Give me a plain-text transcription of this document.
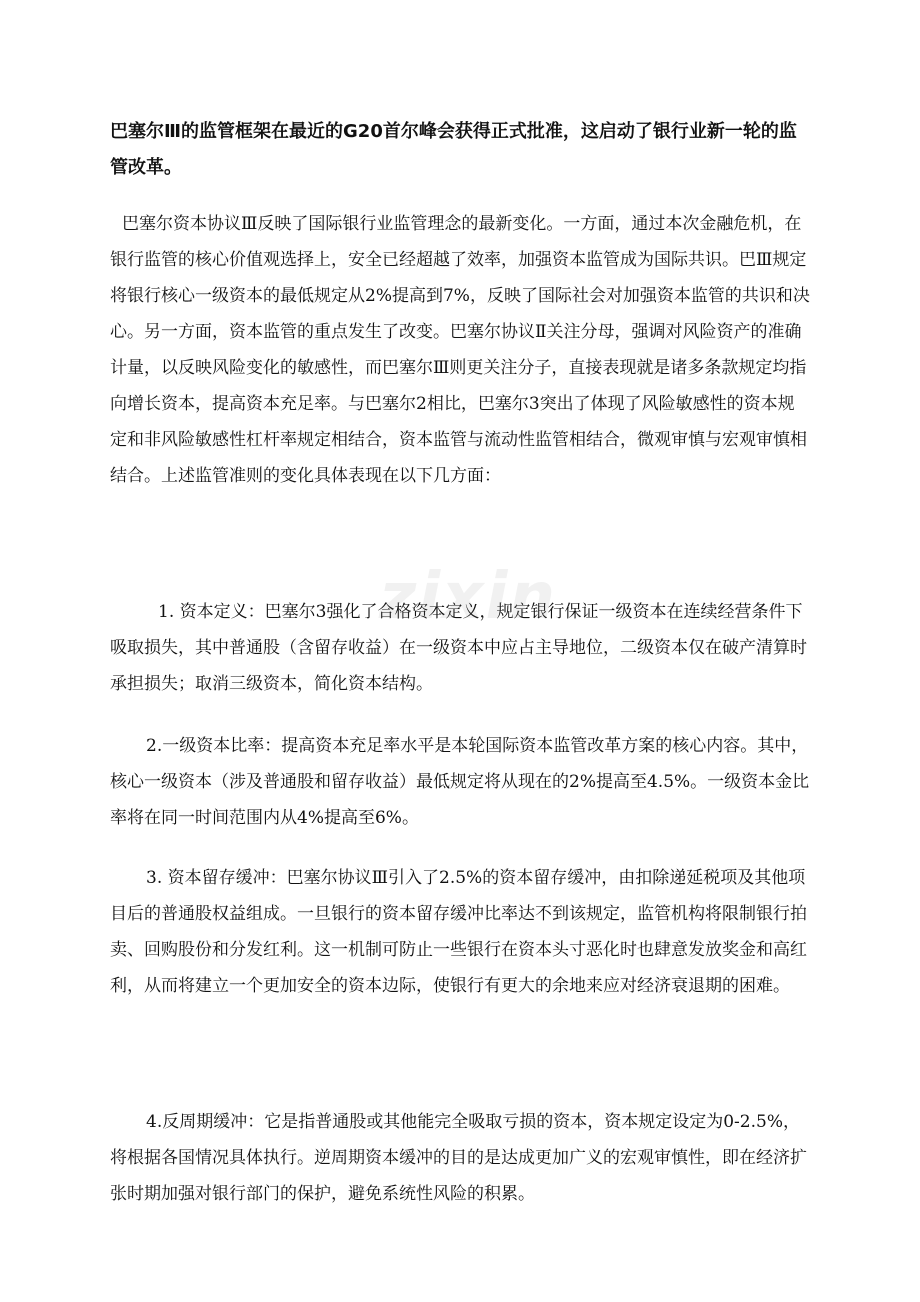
巴塞尔Ⅲ的监管框架在最近的G20首尔峰会获得正式批准，这启动了银行业新一轮的监管改革。

巴塞尔资本协议Ⅲ反映了国际银行业监管理念的最新变化。一方面，通过本次金融危机，在银行监管的核心价值观选择上，安全已经超越了效率，加强资本监管成为国际共识。巴Ⅲ规定将银行核心一级资本的最低规定从2%提高到7%，反映了国际社会对加强资本监管的共识和决心。另一方面，资本监管的重点发生了改变。巴塞尔协议Ⅱ关注分母，强调对风险资产的准确计量，以反映风险变化的敏感性，而巴塞尔Ⅲ则更关注分子，直接表现就是诸多条款规定均指向增长资本，提高资本充足率。与巴塞尔2相比，巴塞尔3突出了体现了风险敏感性的资本规定和非风险敏感性杠杆率规定相结合，资本监管与流动性监管相结合，微观审慎与宏观审慎相结合。上述监管准则的变化具体表现在以下几方面：

1. 资本定义：巴塞尔3强化了合格资本定义，规定银行保证一级资本在连续经营条件下吸取损失，其中普通股（含留存收益）在一级资本中应占主导地位，二级资本仅在破产清算时承担损失；取消三级资本，简化资本结构。

2.一级资本比率：提高资本充足率水平是本轮国际资本监管改革方案的核心内容。其中，核心一级资本（涉及普通股和留存收益）最低规定将从现在的2%提高至4.5%。一级资本金比率将在同一时间范围内从4%提高至6%。

3. 资本留存缓冲：巴塞尔协议Ⅲ引入了2.5%的资本留存缓冲，由扣除递延税项及其他项目后的普通股权益组成。一旦银行的资本留存缓冲比率达不到该规定，监管机构将限制银行拍卖、回购股份和分发红利。这一机制可防止一些银行在资本头寸恶化时也肆意发放奖金和高红利，从而将建立一个更加安全的资本边际，使银行有更大的余地来应对经济衰退期的困难。

4.反周期缓冲：它是指普通股或其他能完全吸取亏损的资本，资本规定设定为0-2.5%，将根据各国情况具体执行。逆周期资本缓冲的目的是达成更加广义的宏观审慎性，即在经济扩张时期加强对银行部门的保护，避免系统性风险的积累。

zixin
